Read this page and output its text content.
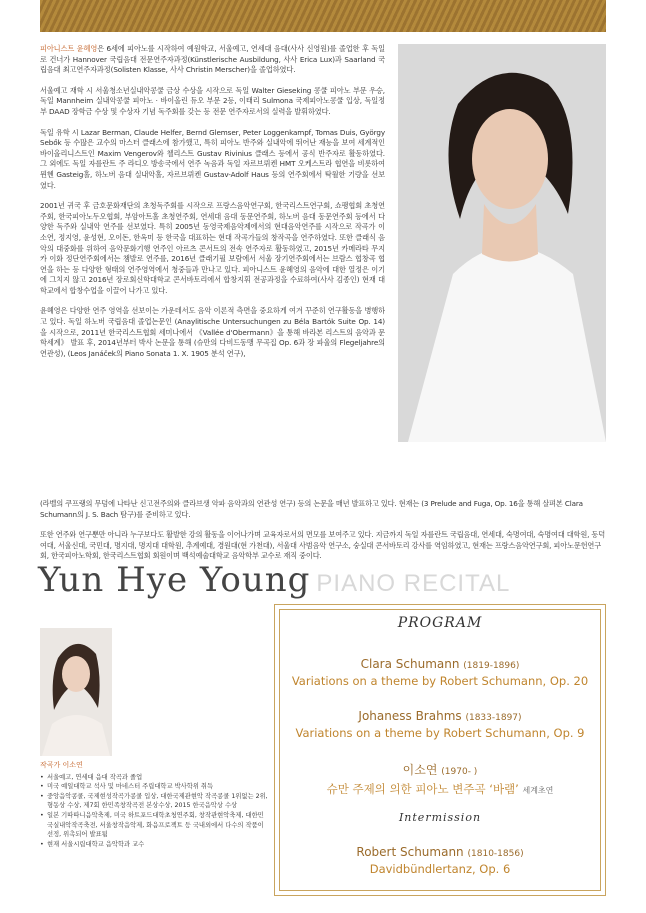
피아니스트 윤혜영은 6세에 피아노를 시작하여 예원학교, 서울예고, 연세대 음대(사사 신영원)를 졸업한 후 독일로 건너가 Hannover 국립음대 전문연주자과정(Künstlerische Ausbildung, 사사 Erica Lux)과 Saarland 국립음대 최고연주자과정(Solisten Klasse, 사사 Christin Merscher)을 졸업하였다.

서울예고 재학 시 서울청소년실내악콩쿨 금상 수상을 시작으로 독일 Walter Gieseking 콩쿨 피아노 부문 우승, 독일 Mannheim 실내악콩쿨 피아노 · 바이올린 듀오 부문 2등, 이태리 Sulmona 국제피아노콩쿨 입상, 독일정부 DAAD 장학금 수상 및 수상자 기념 독주회를 갖는 등 전문 연주자로서의 실력을 발휘하였다.

독일 유학 시 Lazar Berman, Claude Helfer, Bernd Glemser, Peter Loggenkampf, Tomas Duis, György Sebők 등 수많은 교수의 마스터 클래스에 참가했고, 특히 피아노 반주와 실내악에 뛰어난 재능을 보여 세계적인 바이올리니스트인 Maxim Vengerov와 첼리스트 Gustav Rivinius 클래스 등에서 공식 반주자로 활동하였다. 그 외에도 독일 자를란트 주 라디오 방송국에서 연주 녹음과 독일 자르브뤼켄 HMT 오케스트라 협연을 비롯하여 뮌헨 Gasteig홀, 하노버 음대 실내악홀, 자르브뤼켄 Gustav-Adolf Haus 등의 연주회에서 탁월한 기량을 선보였다.

2001년 귀국 후 금호문화재단의 초청독주회를 시작으로 프랑스음악연구회, 한국리스트연구회, 쇼팽협회 초청연주회, 한국피아노두오협회, 부암아트홀 초청연주회, 연세대 음대 동문연주회, 하노버 음대 동문연주회 등에서 다양한 독주와 실내악 연주를 선보였다. 특히 2005년 동영국제음악제에서의 현대음악연주를 시작으로 작곡가 이소연, 정지영, 윤성현, 오이돈, 한옥미 등 한국을 대표하는 현대 작곡가들의 창작곡을 연주하였다. 또한 클래식 음악의 대중화를 위하여 음악문화기행 연주인 아르츠 콘서트의 전속 연주자로 활동하였고, 2015년 카메라타 무지카 이화 정단연주회에서는 챔발로 연주를, 2016년 클래기필 보람에서 서울 장기연주회에서는 브람스 협창곡 협연을 하는 등 다양한 형태의 연주영역에서 청중들과 만나고 있다. 피아니스트 윤혜영의 음악에 대한 열정은 이기에 그치지 않고 2016년 장로회신학대학교 콘서바토리에서 합창지휘 전공과정을 수료하여(사사 김종인) 현재 대학교에서 합창수업을 이끌어 나가고 있다.

윤혜영은 다양한 연주 영역을 선보이는 가운데서도 음악 이론적 측면을 중요하게 여겨 꾸준히 연구활동을 병행하고 있다. 독일 하노버 국립음대 졸업논문인 (Anaylitische Untersuchungen zu Béla Bartók Suite Op. 14)을 시작으로, 2011년 한국리스트협회 세미나에서 《Vallée d'Obermann》을 통해 바라본 리스트의 음악과 문학세계》 발표 후, 2014년부터 박사 논문을 통해 (슈만의 다비드동맹 무곡집 Op. 6과 장 파울의 Flegeljahre의 연관성), (Leos Janáček의 Piano Sonata 1. X. 1905 분석 연구),

(라벨의 쿠프랭의 무덤에 나타난 신고전주의와 클라브생 악파 음악과의 연관성 연구) 등의 논문을 매년 발표하고 있다. 현재는 (3 Prelude and Fuga, Op. 16을 통해 살펴본 Clara Schumann의 J. S. Bach 탐구)를 준비하고 있다.

또한 연주와 연구뿐만 아니라 누구보다도 활발한 강의 활동을 이어나가며 교육자로서의 면모를 보여주고 있다. 지금까지 독일 자를란트 국립음대, 연세대, 숙명여대, 숙명여대 대학원, 동덕여대, 서울신대, 국민대, 명지대, 명지대 대학원, 추계예대, 경원대(현 가천대), 서울대 사범음악 연구소, 숭실대 콘서바토리 강사를 역임하였고, 현재는 프랑스음악연구회, 피아노문헌연구회, 한국피아노학회, 한국리스트협회 회원이며 백석예술대학교 음악학부 교수로 재직 중이다.

Yun Hye Young PIANO RECITAL
작곡가 이소연
• 서울예고, 연세대 음대 작곡과 졸업
• 미국 예일대학교 석사 및 마네스터 주립대학교 박사학위 취득
• 중앙음악콩쿨, 국제현성작곡가콩쿨 입상, 대한국제관현악 작곡콩쿨 1위없는 2위, 형동상 수상, 제7회 한민족창작곡전 본상수상, 2015 한국음악상 수상
• 일본 기따따니음악축제, 미국 하트포드대학초청연주회, 창작관현악축제, 대한민국실내악작곡축전, 서울창작음악제, 화음프로젝트 등 국내외에서 다수의 작품이 선정, 위촉되어 발표됨
• 현재 서울시립대학교 음악학과 교수
PROGRAM
Clara Schumann (1819-1896)
Variations on a theme by Robert Schumann, Op. 20
Johaness Brahms (1833-1897)
Variations on a theme by Robert Schumann, Op. 9
이소연 (1970- )
슈만 주제의 의한 피아노 변주곡 ‘바램’ 세계초연
Intermission
Robert Schumann (1810-1856)
Davidbündlertanz, Op. 6
